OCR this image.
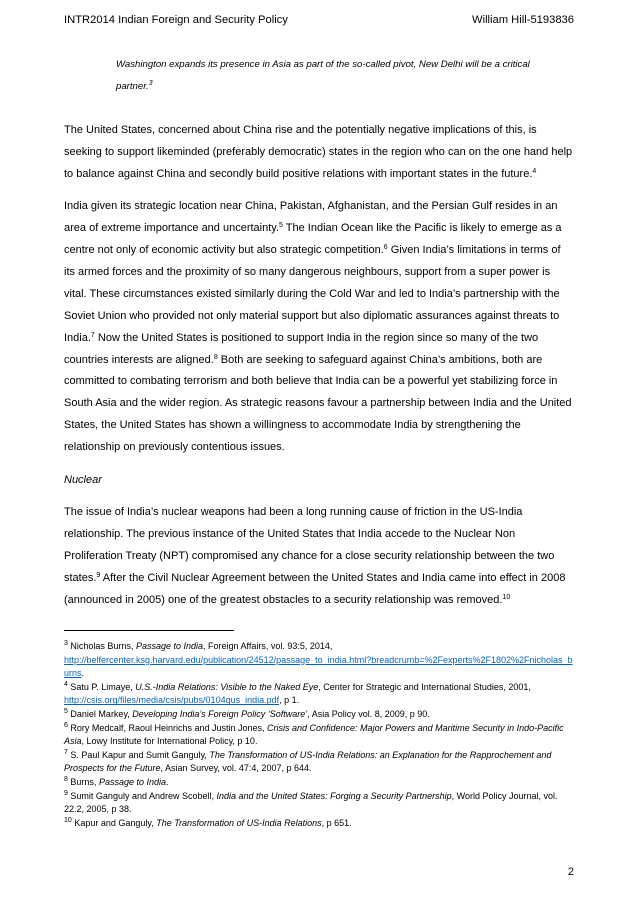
INTR2014 Indian Foreign and Security Policy	William Hill-5193836
Washington expands its presence in Asia as part of the so-called pivot, New Delhi will be a critical
partner.$^3$

The United States, concerned about China rise and the potentially negative implications of this, is seeking to support likeminded (preferably democratic) states in the region who can on the one hand help to balance against China and secondly build positive relations with important states in the future.$^4$

India given its strategic location near China, Pakistan, Afghanistan, and the Persian Gulf resides in an area of extreme importance and uncertainty.$^5$ The Indian Ocean like the Pacific is likely to emerge as a centre not only of economic activity but also strategic competition.$^6$ Given India’s limitations in terms of its armed forces and the proximity of so many dangerous neighbours, support from a super power is vital. These circumstances existed similarly during the Cold War and led to India’s partnership with the Soviet Union who provided not only material support but also diplomatic assurances against threats to India.$^7$ Now the United States is positioned to support India in the region since so many of the two countries interests are aligned.$^8$ Both are seeking to safeguard against China’s ambitions, both are committed to combating terrorism and both believe that India can be a powerful yet stabilizing force in South Asia and the wider region. As strategic reasons favour a partnership between India and the United States, the United States has shown a willingness to accommodate India by strengthening the relationship on previously contentious issues.

Nuclear

The issue of India’s nuclear weapons had been a long running cause of friction in the US-India relationship. The previous instance of the United States that India accede to the Nuclear Non Proliferation Treaty (NPT) compromised any chance for a close security relationship between the two states.$^9$ After the Civil Nuclear Agreement between the United States and India came into effect in 2008 (announced in 2005) one of the greatest obstacles to a security relationship was removed.$^{10}$

$^3$ Nicholas Burns, Passage to India, Foreign Affairs, vol. 93:5, 2014,
http://belfercenter.ksg.harvard.edu/publication/24512/passage_to_india.html?breadcrumb=%2Fexperts%2F1802%2Fnicholas_burns.

$^4$ Satu P. Limaye, U.S.-India Relations: Visible to the Naked Eye, Center for Strategic and International Studies, 2001, http://csis.org/files/media/csis/pubs/0104qus_india.pdf, p 1.

$^5$ Daniel Markey, Developing India’s Foreign Policy ‘Software’, Asia Policy vol. 8, 2009, p 90.

$^6$ Rory Medcalf, Raoul Heinrichs and Justin Jones, Crisis and Confidence: Major Powers and Maritime Security in Indo-Pacific Asia, Lowy Institute for International Policy, p 10.

$^7$ S. Paul Kapur and Sumit Ganguly, The Transformation of US-India Relations: an Explanation for the Rapprochement and Prospects for the Future, Asian Survey, vol. 47:4, 2007, p 644.

$^8$ Burns, Passage to India.

$^9$ Sumit Ganguly and Andrew Scobell, India and the United States: Forging a Security Partnership, World Policy Journal, vol. 22.2, 2005, p 38.

$^{10}$ Kapur and Ganguly, The Transformation of US-India Relations, p 651.

2
